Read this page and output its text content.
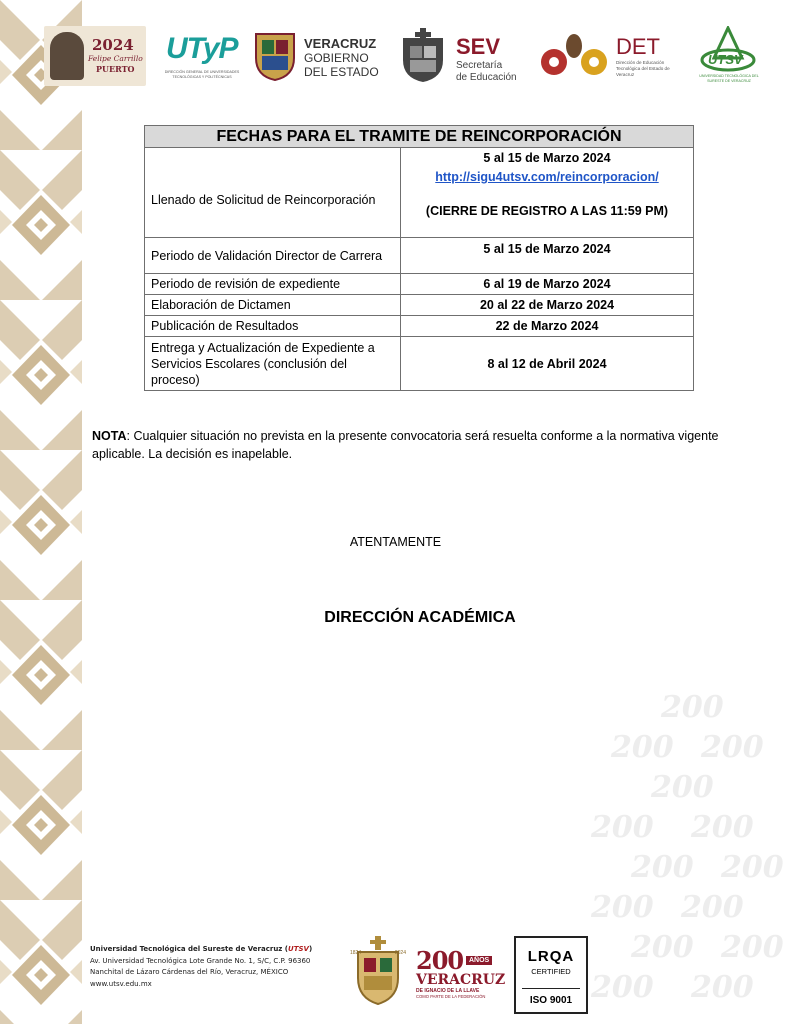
200
200 200
200
200 200
200 200
200 200
200 200
200 200
2024
Felipe Carrillo
PUERTO
UTyP
DIRECCIÓN GENERAL DE UNIVERSIDADES TECNOLÓGICAS Y POLITÉCNICAS
VERACRUZ
GOBIERNO
DEL ESTADO
SEV
Secretaría
de Educación
DET
Dirección de Educación Tecnológica del Estado de Veracruz
UTSV
UNIVERSIDAD TECNOLÓGICA DEL SURESTE DE VERACRUZ
FECHAS PARA EL TRAMITE DE REINCORPORACIÓN	
Llenado de Solicitud de Reincorporación	5 al 15 de Marzo 2024
http://sigu4utsv.com/reincorporacion/
(CIERRE DE REGISTRO A LAS 11:59 PM)

Periodo de Validación Director de Carrera	5 al 15 de Marzo 2024
Periodo de revisión de expediente	6 al 19 de Marzo 2024
Elaboración de Dictamen	20 al 22 de Marzo 2024
Publicación de Resultados	22 de Marzo 2024
Entrega y Actualización de Expediente a Servicios Escolares (conclusión del proceso)	8 al 12 de Abril 2024
NOTA: Cualquier situación no prevista en la presente convocatoria será resuelta conforme a la normativa vigente aplicable. La decisión es inapelable.
ATENTAMENTE
DIRECCIÓN ACADÉMICA
Universidad Tecnológica del Sureste de Veracruz (UTSV)
Av. Universidad Tecnológica Lote Grande No. 1, S/C, C.P. 96360
Nanchital de Lázaro Cárdenas del Río, Veracruz, MÉXICO
www.utsv.edu.mx
1824	2024 200 AÑOS
VERACRUZ
DE IGNACIO DE LA LLAVE
COMO PARTE DE LA FEDERACIÓN
LRQA
CERTIFIED
ISO 9001
